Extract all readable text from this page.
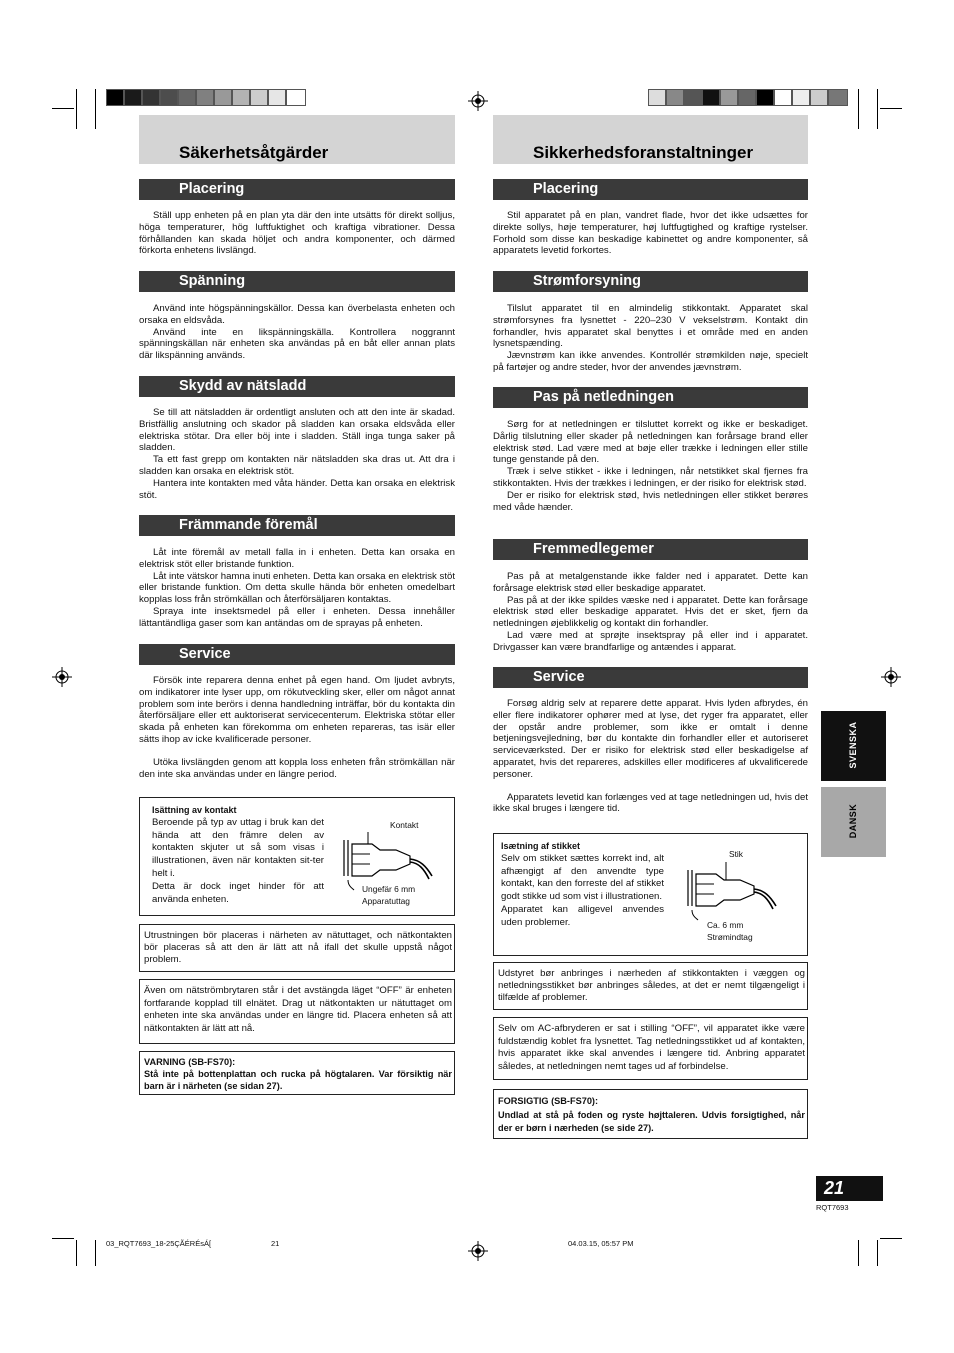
Säkerhetsåtgärder
Placering

Ställ upp enheten på en plan yta där den inte utsätts för direkt solljus, höga temperaturer, hög luftfuktighet och kraftiga vibrationer. Dessa förhållanden kan skada höljet och andra komponenter, och därmed förkorta enhetens livslängd.

Spänning

Använd inte högspänningskällor. Dessa kan överbelasta enheten och orsaka en eldsvåda.

Använd inte en likspänningskälla. Kontrollera noggrannt spänningskällan när enheten ska användas på en båt eller annan plats där likspänning används.

Skydd av nätsladd

Se till att nätsladden är ordentligt ansluten och att den inte är skadad. Bristfällig anslutning och skador på sladden kan orsaka eldsvåda eller elektriska stötar. Dra eller böj inte i sladden. Ställ inga tunga saker på sladden.

Ta ett fast grepp om kontakten när nätsladden ska dras ut. Att dra i sladden kan orsaka en elektrisk stöt.

Hantera inte kontakten med våta händer. Detta kan orsaka en elektrisk stöt.

Främmande föremål

Låt inte föremål av metall falla in i enheten. Detta kan orsaka en elektrisk stöt eller bristande funktion.

Låt inte vätskor hamna inuti enheten. Detta kan orsaka en elektrisk stöt eller bristande funktion. Om detta skulle hända bör enheten omedelbart kopplas loss från strömkällan och återförsäljaren kontaktas.

Spraya inte insektsmedel på eller i enheten. Dessa innehåller lättantändliga gaser som kan antändas om de sprayas på enheten.

Service

Försök inte reparera denna enhet på egen hand. Om ljudet avbryts, om indikatorer inte lyser upp, om rökutveckling sker, eller om något annat problem som inte berörs i denna handledning inträffar, bör du kontakta din återförsäljare eller ett auktoriserat servicecenterum. Elektriska stötar eller skada på enheten kan förekomma om enheten repareras, tas isär eller sätts ihop av icke kvalificerade personer.

Utöka livslängden genom att koppla loss enheten från strömkällan när den inte ska användas under en längre period.

Isättning av kontakt
Beroende på typ av uttag i bruk kan det hända att den främre delen av kontakten skjuter ut så som visas i illustrationen, även när kontakten sit-ter helt i.
Detta är dock inget hinder för att använda enheten.
Kontakt
Ungefär 6 mm
Apparatuttag
Utrustningen bör placeras i närheten av nätuttaget, och nätkontakten bör placeras så att den är lätt att nå ifall det skulle uppstå något problem.
Även om nätströmbrytaren står i det avstängda läget “OFF” är enheten fortfarande kopplad till elnätet. Drag ut nätkontakten ur nätuttaget om enheten inte ska användas under en längre tid. Placera enheten så att nätkontakten är lätt att nå.
VARNING (SB-FS70):
Stå inte på bottenplattan och rucka på högtalaren. Var försiktig när barn är i närheten (se sidan 27).
Sikkerhedsforanstaltninger
Placering

Stil apparatet på en plan, vandret flade, hvor det ikke udsættes for direkte sollys, høje temperaturer, høj luftfugtighed og kraftige rystelser. Forhold som disse kan beskadige kabinettet og andre komponenter, så apparatets levetid forkortes.

Strømforsyning

Tilslut apparatet til en almindelig stikkontakt. Apparatet skal strømforsynes fra lysnettet - 220–230 V vekselstrøm. Kontakt din forhandler, hvis apparatet skal benyttes i et område med en anden lysnetspænding.

Jævnstrøm kan ikke anvendes. Kontrollér strømkilden nøje, specielt på fartøjer og andre steder, hvor der anvendes jævnstrøm.

Pas på netledningen

Sørg for at netledningen er tilsluttet korrekt og ikke er beskadiget. Dårlig tilslutning eller skader på netledningen kan forårsage brand eller elektrisk stød. Lad være med at bøje eller trække i ledningen eller stille tunge genstande på den.

Træk i selve stikket - ikke i ledningen, når netstikket skal fjernes fra stikkontakten. Hvis der trækkes i ledningen, er der risiko for elektrisk stød.

Der er risiko for elektrisk stød, hvis netledningen eller stikket berøres med våde hænder.

Fremmedlegemer

Pas på at metalgenstande ikke falder ned i apparatet. Dette kan forårsage elektrisk stød eller beskadige apparatet.

Pas på at der ikke spildes væske ned i apparatet. Dette kan forårsage elektrisk stød eller beskadige apparatet. Hvis det er sket, fjern da netledningen øjeblikkelig og kontakt din forhandler.

Lad være med at sprøjte insektspray på eller ind i apparatet. Drivgasser kan være brandfarlige og antændes i apparat.

Service

Forsøg aldrig selv at reparere dette apparat. Hvis lyden afbrydes, én eller flere indikatorer ophører med at lyse, det ryger fra apparatet, eller der opstår andre problemer, som ikke er omtalt i denne betjeningsvejledning, bør du kontakte din forhandler eller et autoriseret serviceværksted. Der er risiko for elektrisk stød eller beskadigelse af apparatet, hvis det repareres, adskilles eller modificeres af ukvalificerede personer.

Apparatets levetid kan forlænges ved at tage netledningen ud, hvis det ikke skal bruges i længere tid.

Isætning af stikket
Selv om stikket sættes korrekt ind, alt afhængigt af den anvendte type kontakt, kan den forreste del af stikket godt stikke ud som vist i illustrationen.
Apparatet kan alligevel anvendes uden problemer.
Stik
Ca. 6 mm
Strømindtag
Udstyret bør anbringes i nærheden af stikkontakten i væggen og netledningsstikket bør anbringes således, at det er nemt tilgængeligt i tilfælde af problemer.
Selv om AC-afbryderen er sat i stilling “OFF”, vil apparatet ikke være fuldstændig koblet fra lysnettet. Tag netledningsstikket ud af kontakten, hvis apparatet ikke skal anvendes i længere tid. Anbring apparatet således, at netledningen nemt tages ud af forbindelse.
FORSIGTIG (SB-FS70):
Undlad at stå på foden og ryste højttaleren. Udvis forsigtighed, når der er børn i nærheden (se side 27).
SVENSKA
DANSK
21
RQT7693
03_RQT7693_18-25ÇÃÉRÉsÁ[	21	04.03.15, 05:57 PM
